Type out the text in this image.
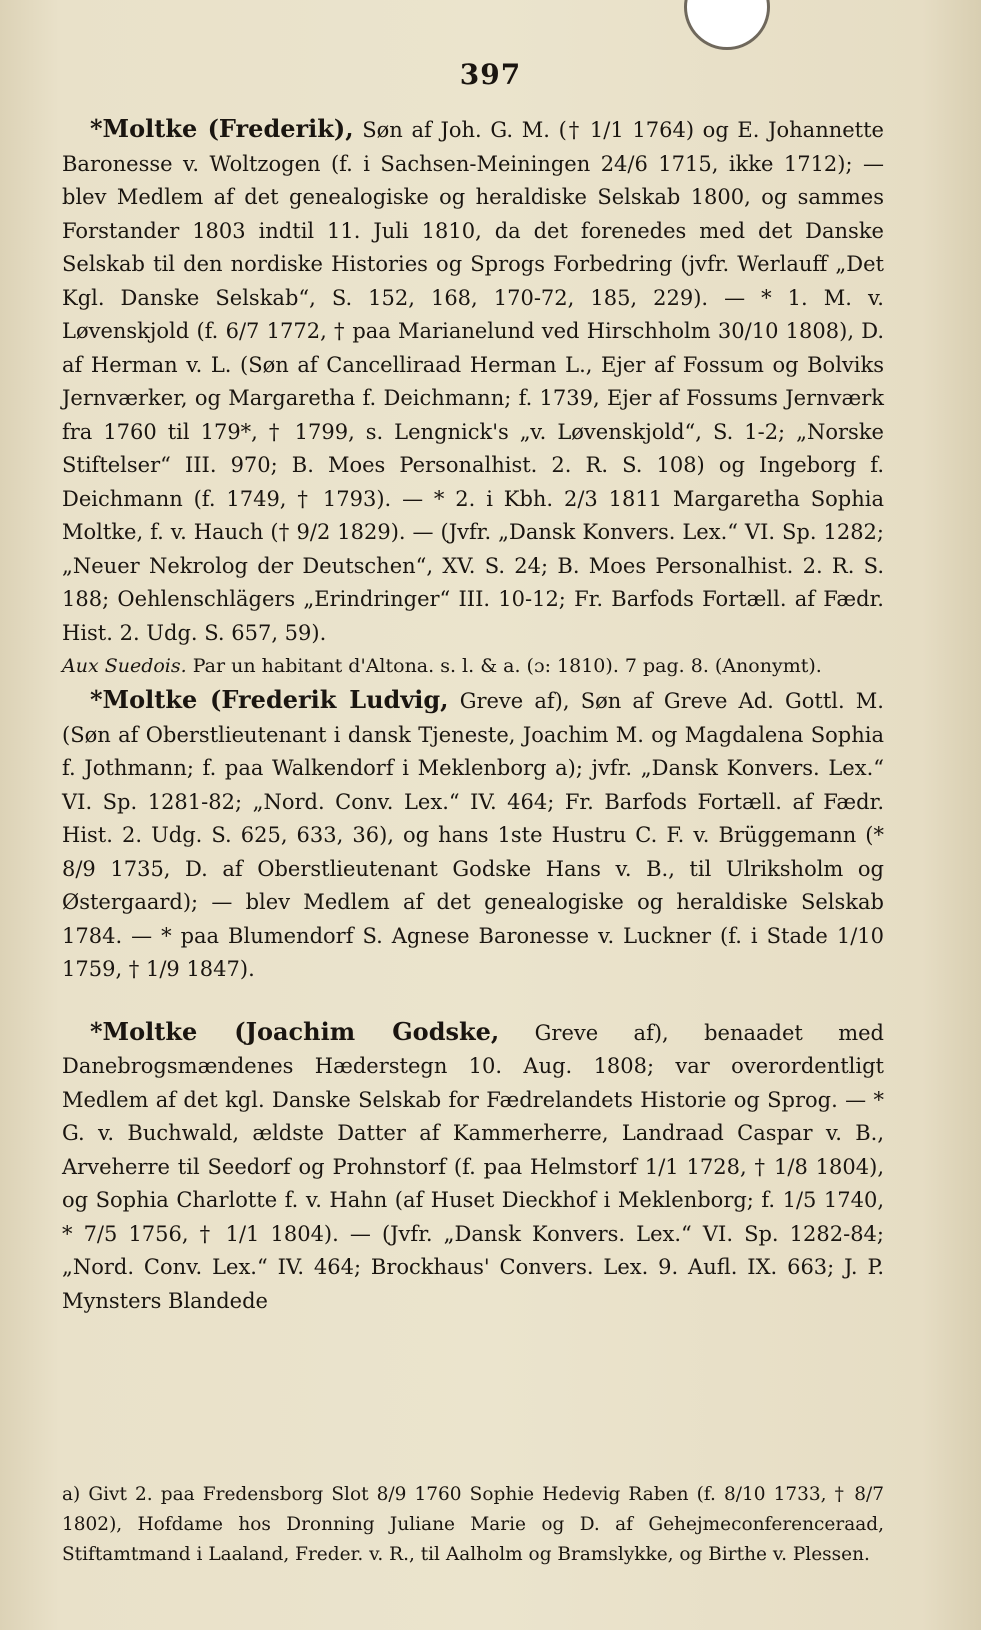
397

*Moltke (Frederik), Søn af Joh. G. M. († 1/1 1764) og E. Johannette Baronesse v. Woltzogen (f. i Sachsen-Meiningen 24/6 1715, ikke 1712); — blev Medlem af det genealogiske og heraldiske Selskab 1800, og sammes Forstander 1803 indtil 11. Juli 1810, da det forenedes med det Danske Selskab til den nordiske Histories og Sprogs Forbedring (jvfr. Werlauff „Det Kgl. Danske Selskab“, S. 152, 168, 170-72, 185, 229). — * 1. M. v. Løvenskjold (f. 6/7 1772, † paa Marianelund ved Hirschholm 30/10 1808), D. af Herman v. L. (Søn af Cancelliraad Herman L., Ejer af Fossum og Bolviks Jernværker, og Margaretha f. Deichmann; f. 1739, Ejer af Fossums Jernværk fra 1760 til 179*, † 1799, s. Lengnick's „v. Løvenskjold“, S. 1-2; „Norske Stiftelser“ III. 970; B. Moes Personalhist. 2. R. S. 108) og Ingeborg f. Deichmann (f. 1749, † 1793). — * 2. i Kbh. 2/3 1811 Margaretha Sophia Moltke, f. v. Hauch († 9/2 1829). — (Jvfr. „Dansk Konvers. Lex.“ VI. Sp. 1282; „Neuer Nekrolog der Deutschen“, XV. S. 24; B. Moes Personalhist. 2. R. S. 188; Oehlenschlägers „Erindringer“ III. 10-12; Fr. Barfods Fortæll. af Fædr. Hist. 2. Udg. S. 657, 59).

Aux Suedois. Par un habitant d'Altona. s. l. & a. (ɔ: 1810). 7 pag. 8. (Anonymt).

*Moltke (Frederik Ludvig, Greve af), Søn af Greve Ad. Gottl. M. (Søn af Oberstlieutenant i dansk Tjeneste, Joachim M. og Magdalena Sophia f. Jothmann; f. paa Walkendorf i Meklenborg a); jvfr. „Dansk Konvers. Lex.“ VI. Sp. 1281-82; „Nord. Conv. Lex.“ IV. 464; Fr. Barfods Fortæll. af Fædr. Hist. 2. Udg. S. 625, 633, 36), og hans 1ste Hustru C. F. v. Brüggemann (* 8/9 1735, D. af Oberstlieutenant Godske Hans v. B., til Ulriksholm og Østergaard); — blev Medlem af det genealogiske og heraldiske Selskab 1784. — * paa Blumendorf S. Agnese Baronesse v. Luckner (f. i Stade 1/10 1759, † 1/9 1847).

*Moltke (Joachim Godske, Greve af), benaadet med Danebrogsmændenes Hæderstegn 10. Aug. 1808; var overordentligt Medlem af det kgl. Danske Selskab for Fædrelandets Historie og Sprog. — * G. v. Buchwald, ældste Datter af Kammerherre, Landraad Caspar v. B., Arveherre til Seedorf og Prohnstorf (f. paa Helmstorf 1/1 1728, † 1/8 1804), og Sophia Charlotte f. v. Hahn (af Huset Dieckhof i Meklenborg; f. 1/5 1740, * 7/5 1756, † 1/1 1804). — (Jvfr. „Dansk Konvers. Lex.“ VI. Sp. 1282-84; „Nord. Conv. Lex.“ IV. 464; Brockhaus' Convers. Lex. 9. Aufl. IX. 663; J. P. Mynsters Blandede

a) Givt 2. paa Fredensborg Slot 8/9 1760 Sophie Hedevig Raben (f. 8/10 1733, † 8/7 1802), Hofdame hos Dronning Juliane Marie og D. af Gehejmeconferenceraad, Stiftamtmand i Laaland, Freder. v. R., til Aalholm og Bramslykke, og Birthe v. Plessen.
